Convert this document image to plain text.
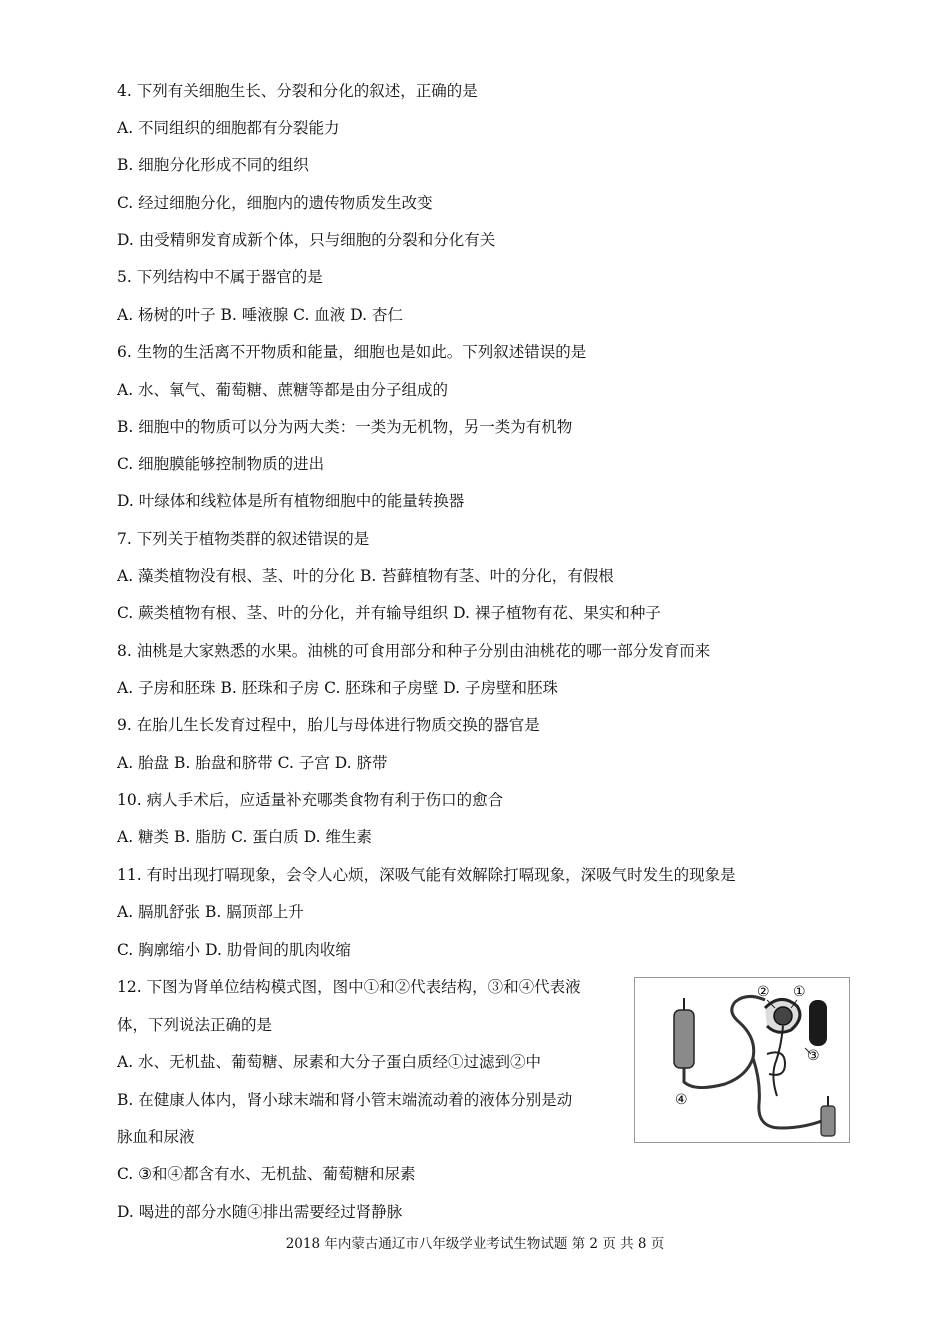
4. 下列有关细胞生长、分裂和分化的叙述，正确的是
A. 不同组织的细胞都有分裂能力
B. 细胞分化形成不同的组织
C. 经过细胞分化，细胞内的遗传物质发生改变
D. 由受精卵发育成新个体，只与细胞的分裂和分化有关
5. 下列结构中不属于器官的是
A. 杨树的叶子 B. 唾液腺 C. 血液 D. 杏仁
6. 生物的生活离不开物质和能量，细胞也是如此。下列叙述错误的是
A. 水、氧气、葡萄糖、蔗糖等都是由分子组成的
B. 细胞中的物质可以分为两大类：一类为无机物，另一类为有机物
C. 细胞膜能够控制物质的进出
D. 叶绿体和线粒体是所有植物细胞中的能量转换器
7. 下列关于植物类群的叙述错误的是
A. 藻类植物没有根、茎、叶的分化 B. 苔藓植物有茎、叶的分化，有假根
C. 蕨类植物有根、茎、叶的分化，并有输导组织 D. 裸子植物有花、果实和种子
8. 油桃是大家熟悉的水果。油桃的可食用部分和种子分别由油桃花的哪一部分发育而来
A. 子房和胚珠 B. 胚珠和子房 C. 胚珠和子房壁 D. 子房壁和胚珠
9. 在胎儿生长发育过程中，胎儿与母体进行物质交换的器官是
A. 胎盘 B. 胎盘和脐带 C. 子宫 D. 脐带
10. 病人手术后，应适量补充哪类食物有利于伤口的愈合
A. 糖类 B. 脂肪 C. 蛋白质 D. 维生素
11. 有时出现打嗝现象，会令人心烦，深吸气能有效解除打嗝现象，深吸气时发生的现象是
A. 膈肌舒张 B. 膈顶部上升
C. 胸廓缩小 D. 肋骨间的肌肉收缩
12. 下图为肾单位结构模式图，图中①和②代表结构，③和④代表液
体，下列说法正确的是
A. 水、无机盐、葡萄糖、尿素和大分子蛋白质经①过滤到②中
B. 在健康人体内，肾小球末端和肾小管末端流动着的液体分别是动
脉血和尿液
C. ③和④都含有水、无机盐、葡萄糖和尿素
D. 喝进的部分水随④排出需要经过肾静脉
② ①
③
④
2018 年内蒙古通辽市八年级学业考试生物试题 第 2 页 共 8 页
